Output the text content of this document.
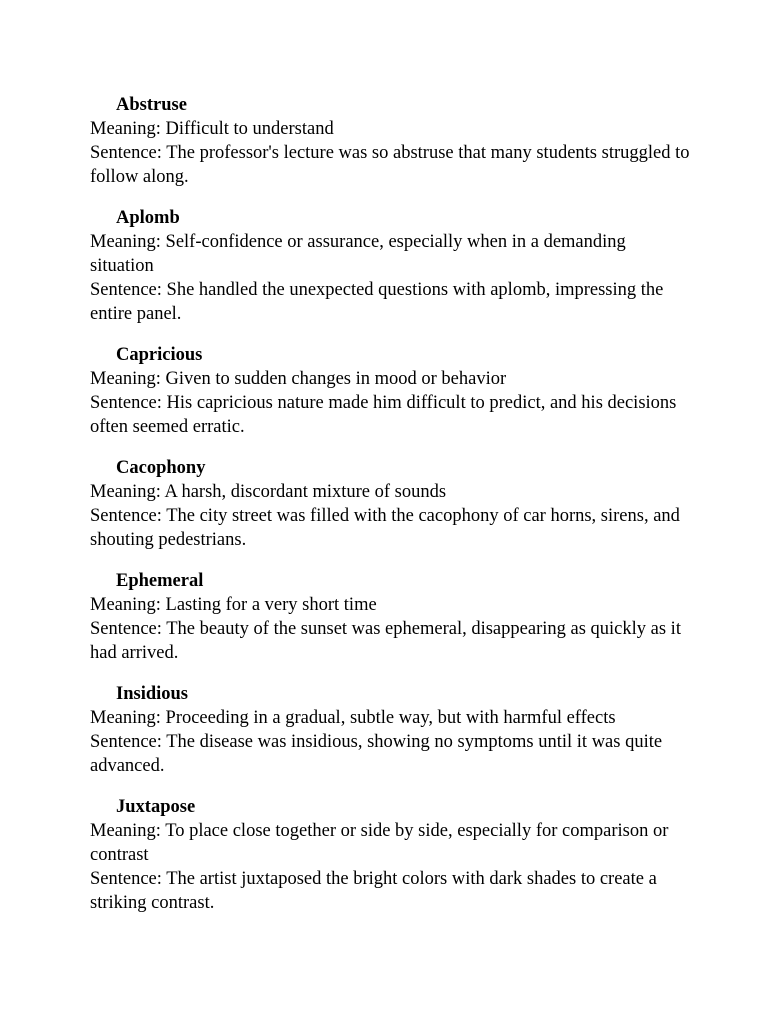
Abstruse
Meaning: Difficult to understand
Sentence: The professor's lecture was so abstruse that many students struggled to follow along.
Aplomb
Meaning: Self-confidence or assurance, especially when in a demanding situation
Sentence: She handled the unexpected questions with aplomb, impressing the entire panel.
Capricious
Meaning: Given to sudden changes in mood or behavior
Sentence: His capricious nature made him difficult to predict, and his decisions often seemed erratic.
Cacophony
Meaning: A harsh, discordant mixture of sounds
Sentence: The city street was filled with the cacophony of car horns, sirens, and shouting pedestrians.
Ephemeral
Meaning: Lasting for a very short time
Sentence: The beauty of the sunset was ephemeral, disappearing as quickly as it had arrived.
Insidious
Meaning: Proceeding in a gradual, subtle way, but with harmful effects
Sentence: The disease was insidious, showing no symptoms until it was quite advanced.
Juxtapose
Meaning: To place close together or side by side, especially for comparison or contrast
Sentence: The artist juxtaposed the bright colors with dark shades to create a striking contrast.
